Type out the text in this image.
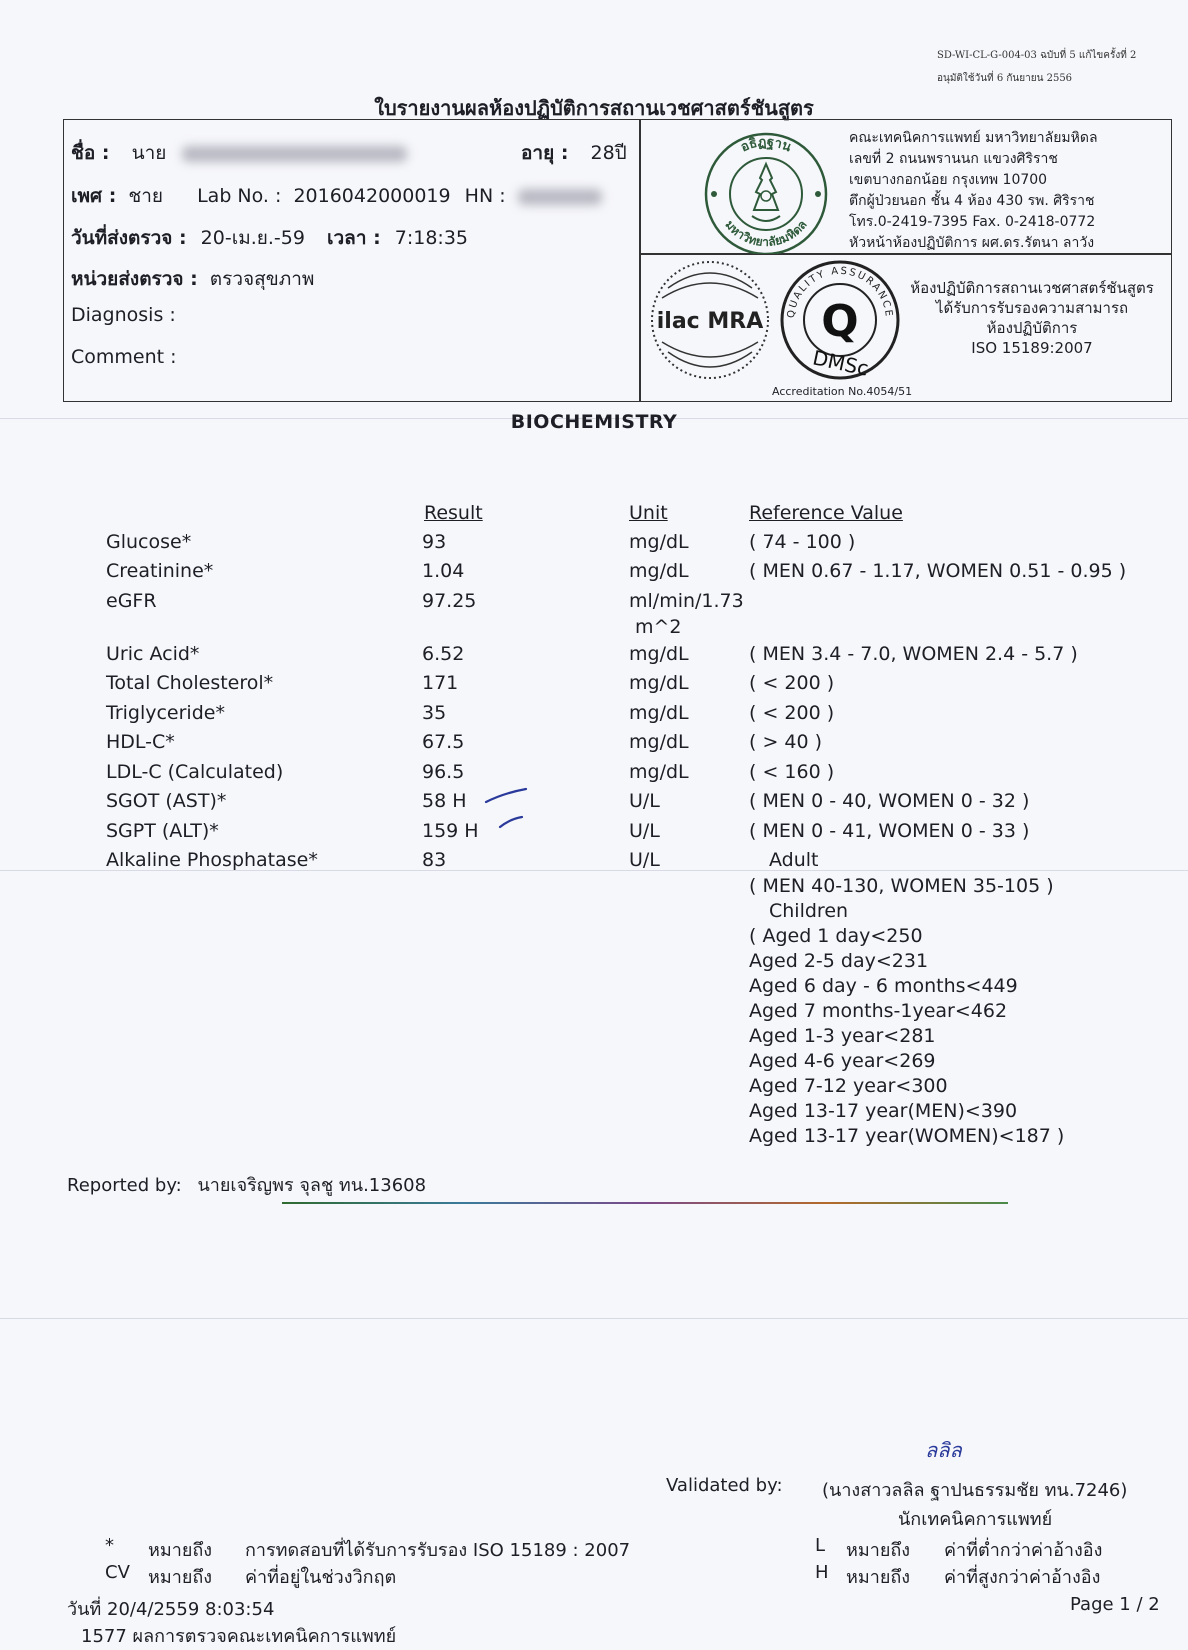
SD-WI-CL-G-004-03 ฉบับที่ 5 แก้ไขครั้งที่ 2
อนุมัติใช้วันที่ 6 กันยายน 2556
ใบรายงานผลห้องปฏิบัติการสถานเวชศาสตร์ชันสูตร
ชื่อ : นาย	อายุ : 28ปี
เพศ : ชาย Lab No. : 2016042000019 HN :
วันที่ส่งตรวจ : 20-เม.ย.-59 เวลา : 7:18:35
หน่วยส่งตรวจ : ตรวจสุขภาพ
Diagnosis :
Comment :
อธิฏฐาน
มหาวิทยาลัยมหิดล
คณะเทคนิคการแพทย์ มหาวิทยาลัยมหิดล
เลขที่ 2 ถนนพรานนก แขวงศิริราช
เขตบางกอกน้อย กรุงเทพ 10700
ตึกผู้ป่วยนอก ชั้น 4 ห้อง 430 รพ. ศิริราช
โทร.0-2419-7395 Fax. 0-2418-0772
หัวหน้าห้องปฏิบัติการ ผศ.ดร.รัตนา ลาวัง
ilac MRA QUALITY ASSURANCE
Q
DMSc
ห้องปฏิบัติการสถานเวชศาสตร์ชันสูตร
ได้รับการรับรองความสามารถ
ห้องปฏิบัติการ
ISO 15189:2007
Accreditation No.4054/51
BIOCHEMISTRY
Result	Unit	Reference Value
Glucose*	93	mg/dL	( 74 - 100 )
Creatinine*	1.04	mg/dL	( MEN 0.67 - 1.17, WOMEN 0.51 - 0.95 )
eGFR	97.25	ml/min/1.73
m^2
Uric Acid*	6.52	mg/dL	( MEN 3.4 - 7.0, WOMEN 2.4 - 5.7 )
Total Cholesterol*	171	mg/dL	( < 200 )
Triglyceride*	35	mg/dL	( < 200 )
HDL-C*	67.5	mg/dL	( > 40 )
LDL-C (Calculated)	96.5	mg/dL	( < 160 )
SGOT (AST)*	58 H	U/L	( MEN 0 - 40, WOMEN 0 - 32 )
SGPT (ALT)*	159 H	U/L	( MEN 0 - 41, WOMEN 0 - 33 )
Alkaline Phosphatase*	83	U/L	Adult
( MEN 40-130, WOMEN 35-105 )
Children
( Aged 1 day<250
Aged 2-5 day<231
Aged 6 day - 6 months<449
Aged 7 months-1year<462
Aged 1-3 year<281
Aged 4-6 year<269
Aged 7-12 year<300
Aged 13-17 year(MEN)<390
Aged 13-17 year(WOMEN)<187 )
Reported by: นายเจริญพร จุลชู ทน.13608
ลลิล
Validated by: (นางสาวลลิล ฐาปนธรรมชัย ทน.7246)
นักเทคนิคการแพทย์
* หมายถึง การทดสอบที่ได้รับการรับรอง ISO 15189 : 2007
CV หมายถึง ค่าที่อยู่ในช่วงวิกฤต
L หมายถึง ค่าที่ต่ำกว่าค่าอ้างอิง
H หมายถึง ค่าที่สูงกว่าค่าอ้างอิง
วันที่ 20/4/2559 8:03:54	Page 1 / 2
1577 ผลการตรวจคณะเทคนิคการแพทย์
